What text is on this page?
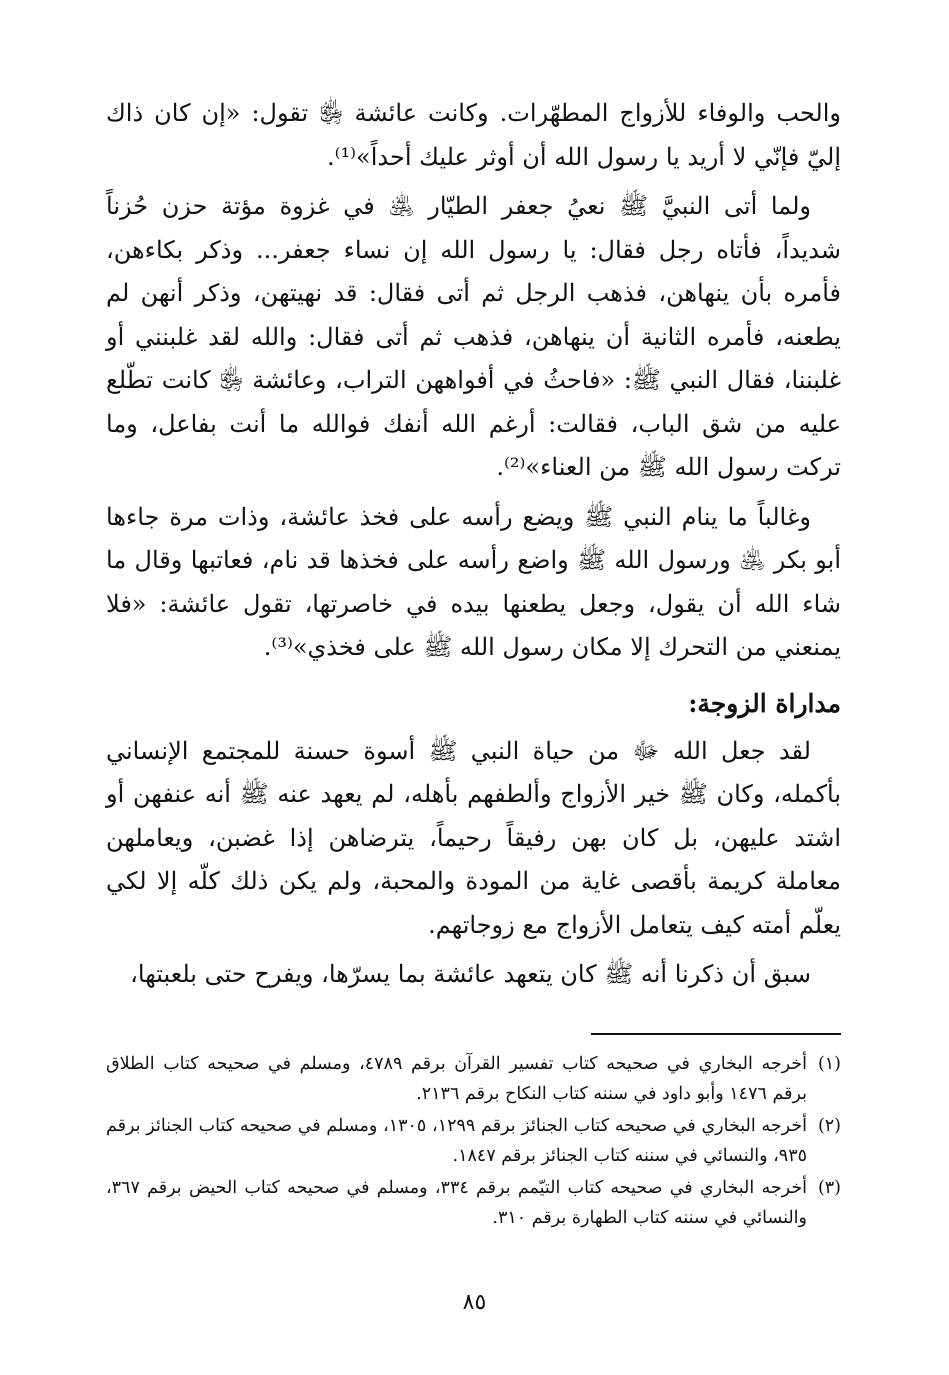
والحب والوفاء للأزواج المطهّرات. وكانت عائشة ﵂ تقول: «إن كان ذاك إليّ فإنّي لا أريد يا رسول الله أن أوثر عليك أحداً»⁽¹⁾.

ولما أتى النبيَّ ﷺ نعيُ جعفر الطيّار ﵁ في غزوة مؤتة حزن حُزناً شديداً، فأتاه رجل فقال: يا رسول الله إن نساء جعفر... وذكر بكاءهن، فأمره بأن ينهاهن، فذهب الرجل ثم أتى فقال: قد نهيتهن، وذكر أنهن لم يطعنه، فأمره الثانية أن ينهاهن، فذهب ثم أتى فقال: والله لقد غلبنني أو غلبننا، فقال النبي ﷺ: «فاحثُ في أفواههن التراب، وعائشة ﵂ كانت تطّلع عليه من شق الباب، فقالت: أرغم الله أنفك فوالله ما أنت بفاعل، وما تركت رسول الله ﷺ من العناء»⁽²⁾.

وغالباً ما ينام النبي ﷺ ويضع رأسه على فخذ عائشة، وذات مرة جاءها أبو بكر ﵁ ورسول الله ﷺ واضع رأسه على فخذها قد نام، فعاتبها وقال ما شاء الله أن يقول، وجعل يطعنها بيده في خاصرتها، تقول عائشة: «فلا يمنعني من التحرك إلا مكان رسول الله ﷺ على فخذي»⁽³⁾.

مداراة الزوجة:

لقد جعل الله ﷻ من حياة النبي ﷺ أسوة حسنة للمجتمع الإنساني بأكمله، وكان ﷺ خير الأزواج وألطفهم بأهله، لم يعهد عنه ﷺ أنه عنفهن أو اشتد عليهن، بل كان بهن رفيقاً رحيماً، يترضاهن إذا غضبن، ويعاملهن معاملة كريمة بأقصى غاية من المودة والمحبة، ولم يكن ذلك كلّه إلا لكي يعلّم أمته كيف يتعامل الأزواج مع زوجاتهم.

سبق أن ذكرنا أنه ﷺ كان يتعهد عائشة بما يسرّها، ويفرح حتى بلعبتها،

(١)
أخرجه البخاري في صحيحه كتاب تفسير القرآن برقم ٤٧٨٩، ومسلم في صحيحه كتاب الطلاق برقم ١٤٧٦ وأبو داود في سننه كتاب النكاح برقم ٢١٣٦.
(٢)
أخرجه البخاري في صحيحه كتاب الجنائز برقم ١٢٩٩، ١٣٠٥، ومسلم في صحيحه كتاب الجنائز برقم ٩٣٥، والنسائي في سننه كتاب الجنائز برقم ١٨٤٧.
(٣)
أخرجه البخاري في صحيحه كتاب التيّمم برقم ٣٣٤، ومسلم في صحيحه كتاب الحيض برقم ٣٦٧، والنسائي في سننه كتاب الطهارة برقم ٣١٠.
٨٥
